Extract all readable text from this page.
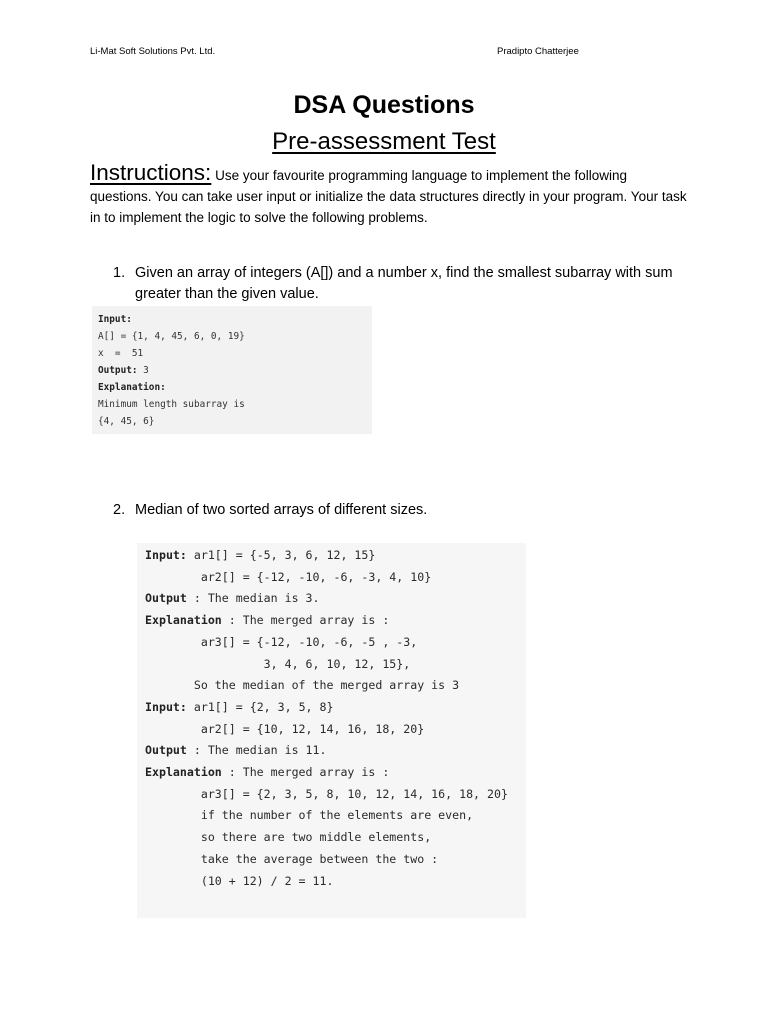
Li-Mat Soft Solutions Pvt. Ltd.	Pradipto Chatterjee
DSA Questions
Pre-assessment Test
Instructions: Use your favourite programming language to implement the following questions. You can take user input or initialize the data structures directly in your program. Your task in to implement the logic to solve the following problems.
1. Given an array of integers (A[]) and a number x, find the smallest subarray with sum greater than the given value.
Input:
A[] = {1, 4, 45, 6, 0, 19}
x  =  51
Output: 3
Explanation:
Minimum length subarray is
{4, 45, 6}
2. Median of two sorted arrays of different sizes.
Input: ar1[] = {-5, 3, 6, 12, 15}
ar2[] = {-12, -10, -6, -3, 4, 10}
Output : The median is 3.
Explanation : The merged array is :
ar3[] = {-12, -10, -6, -5 , -3,
3, 4, 6, 10, 12, 15},
So the median of the merged array is 3
Input: ar1[] = {2, 3, 5, 8}
ar2[] = {10, 12, 14, 16, 18, 20}
Output : The median is 11.
Explanation : The merged array is :
ar3[] = {2, 3, 5, 8, 10, 12, 14, 16, 18, 20}
if the number of the elements are even,
so there are two middle elements,
take the average between the two :
(10 + 12) / 2 = 11.
